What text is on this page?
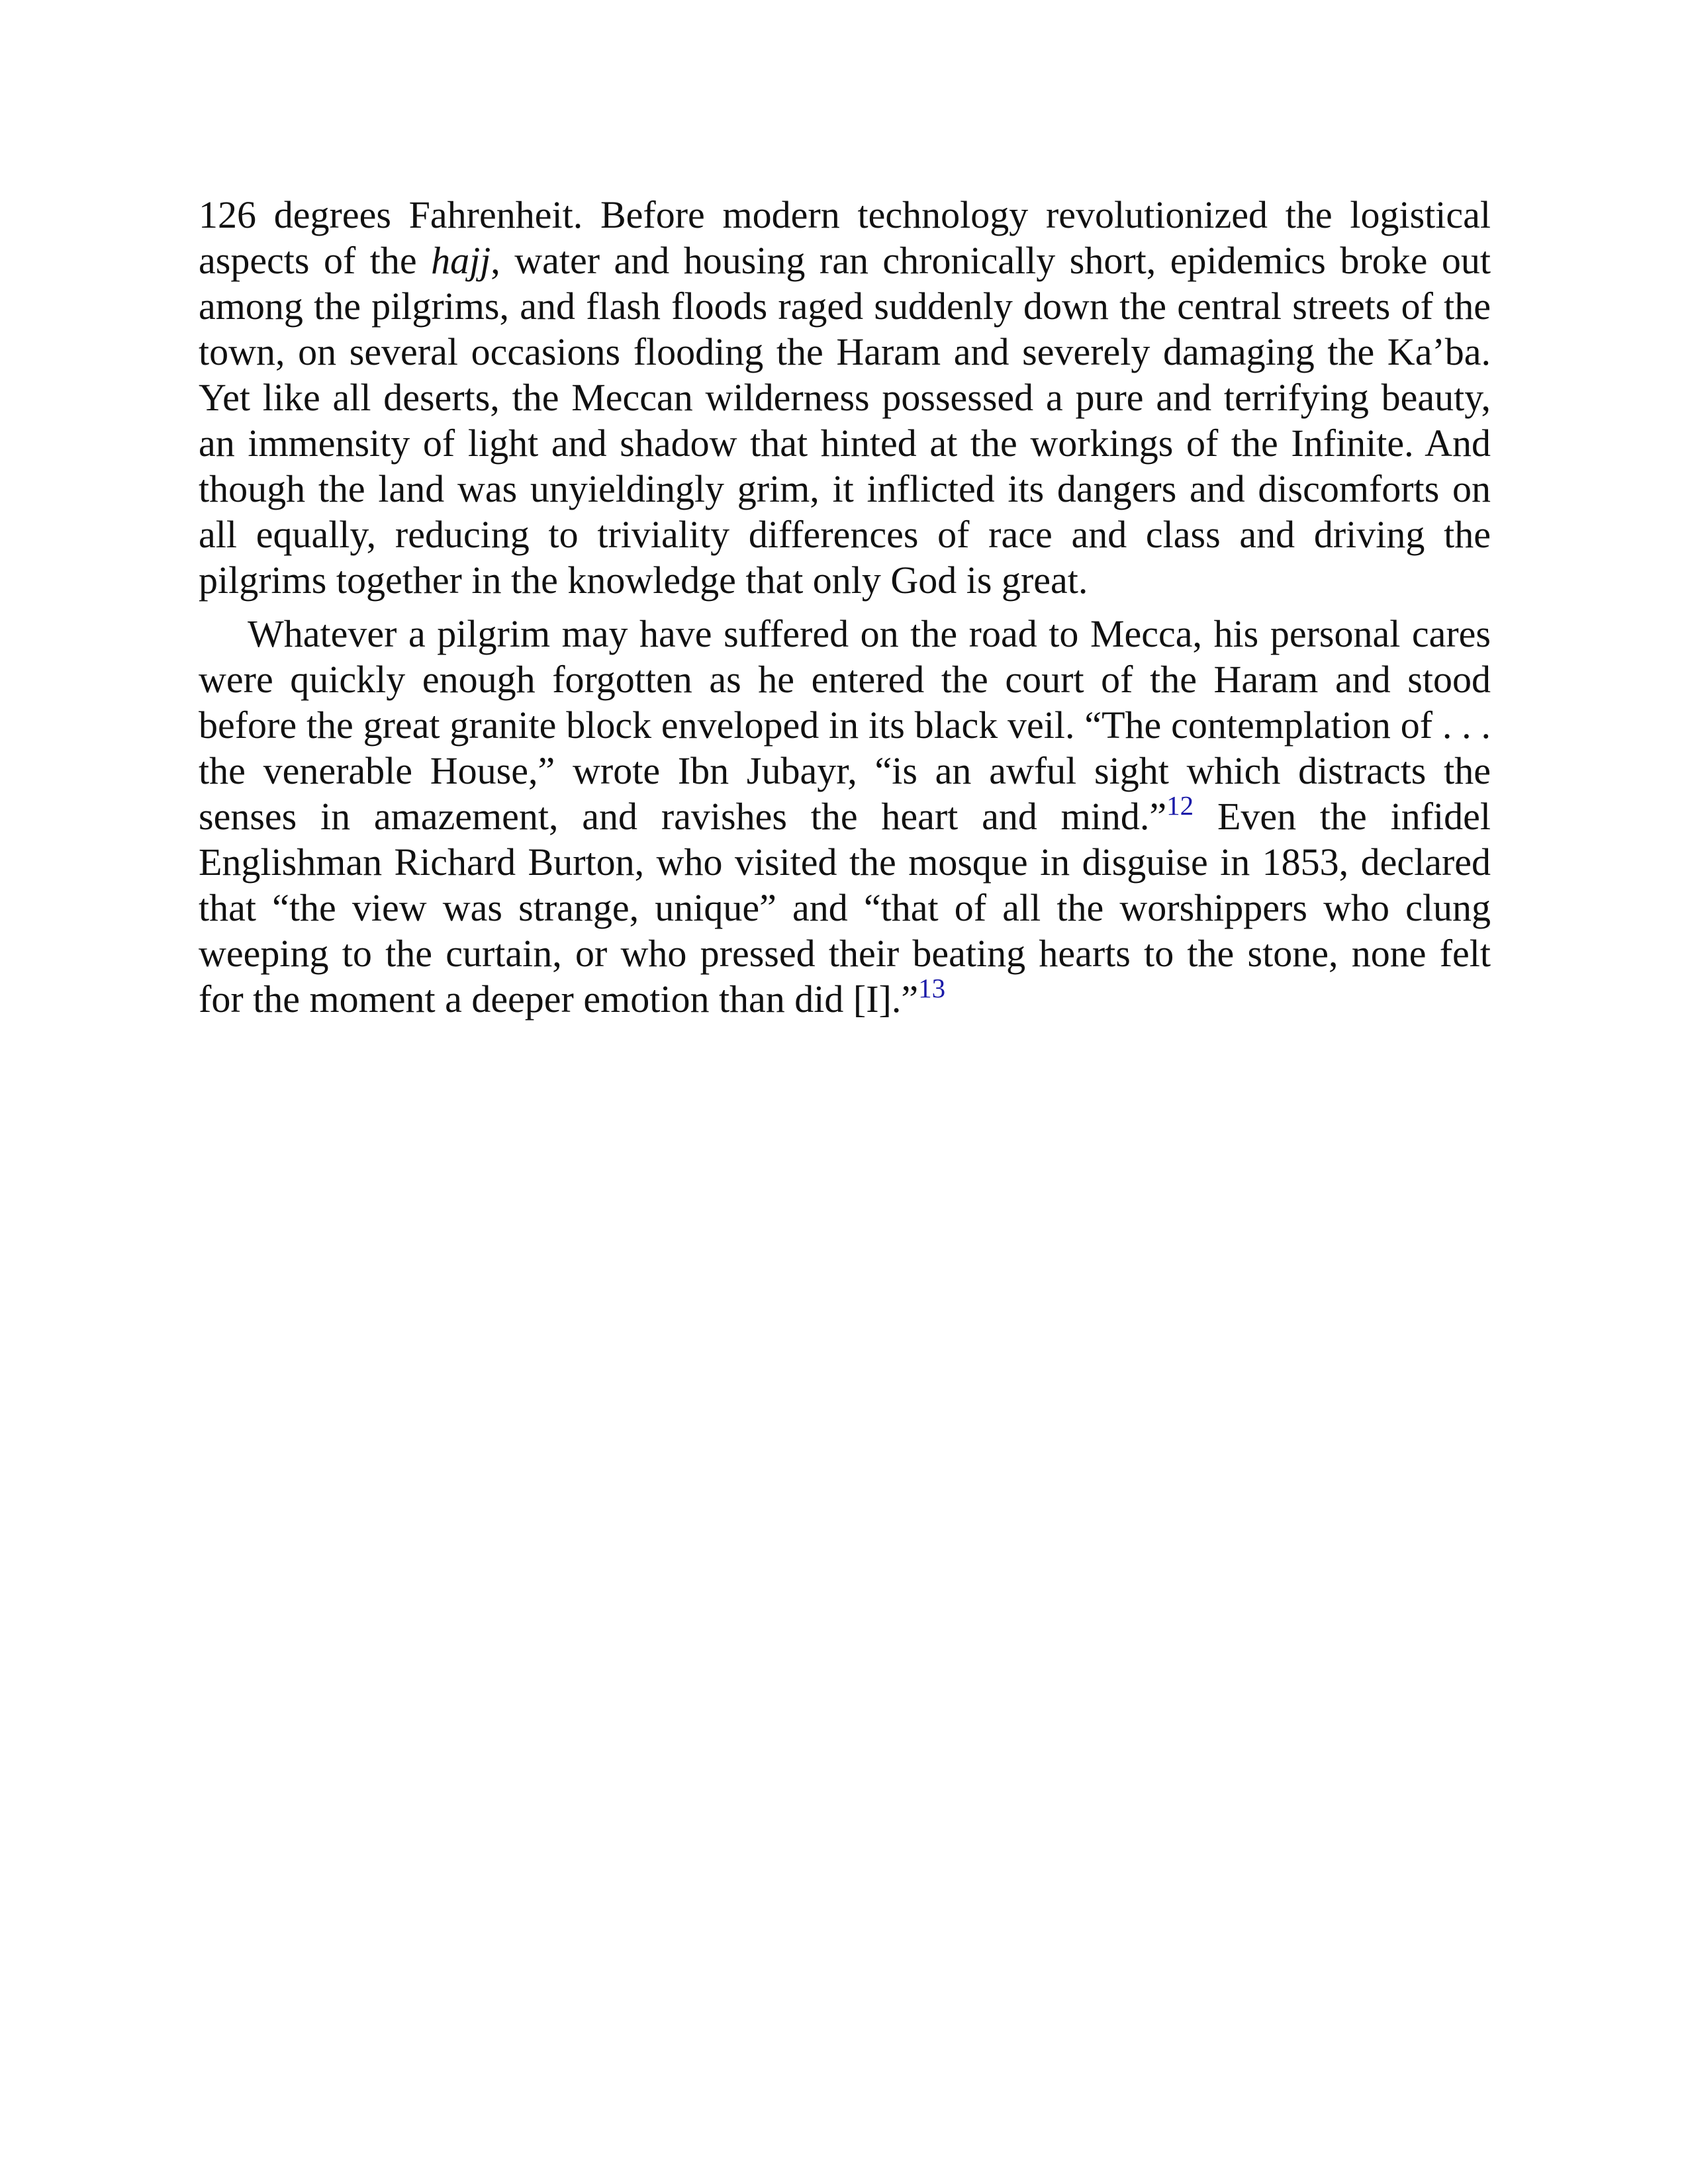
126 degrees Fahrenheit. Before modern technology revolutionized the logistical aspects of the hajj, water and housing ran chronically short, epidemics broke out among the pilgrims, and flash floods raged suddenly down the central streets of the town, on several occasions flooding the Haram and severely damaging the Ka’ba. Yet like all deserts, the Meccan wilderness possessed a pure and terrifying beauty, an immensity of light and shadow that hinted at the workings of the Infinite. And though the land was unyieldingly grim, it inflicted its dangers and discomforts on all equally, reducing to triviality differences of race and class and driving the pilgrims together in the knowledge that only God is great.

Whatever a pilgrim may have suffered on the road to Mecca, his personal cares were quickly enough forgotten as he entered the court of the Haram and stood before the great granite block enveloped in its black veil. “The contemplation of . . . the venerable House,” wrote Ibn Jubayr, “is an awful sight which distracts the senses in amazement, and ravishes the heart and mind.”$^{12}$ Even the infidel Englishman Richard Burton, who visited the mosque in disguise in 1853, declared that “the view was strange, unique” and “that of all the worshippers who clung weeping to the curtain, or who pressed their beating hearts to the stone, none felt for the moment a deeper emotion than did [I].”$^{13}$
